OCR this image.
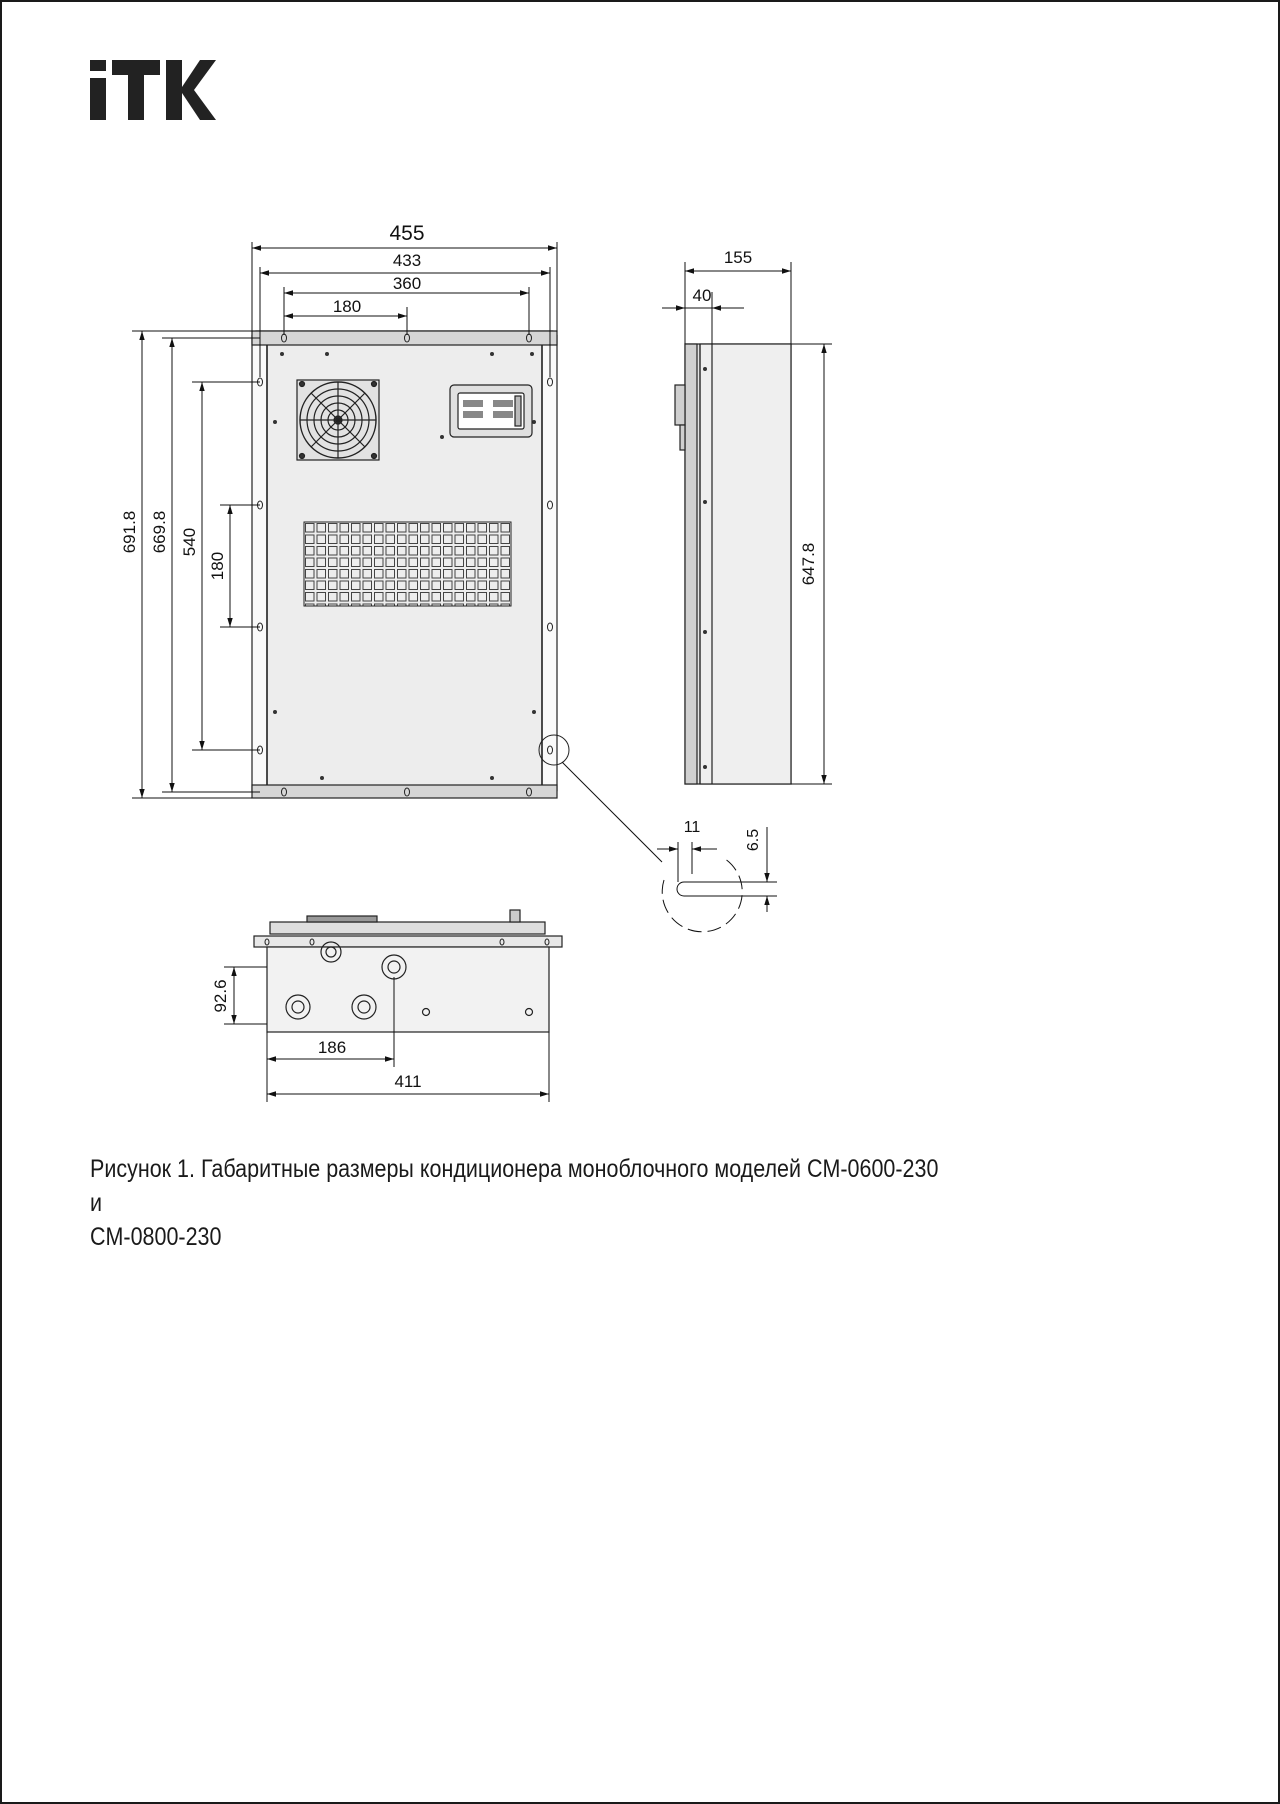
455
433
360
180
691.8 669.8 540
180
155
40
647.8
11
6.5
92.6
186
411

Рисунок 1. Габаритные размеры кондиционера моноблочного моделей CM-0600-230 и
CM-0800-230
